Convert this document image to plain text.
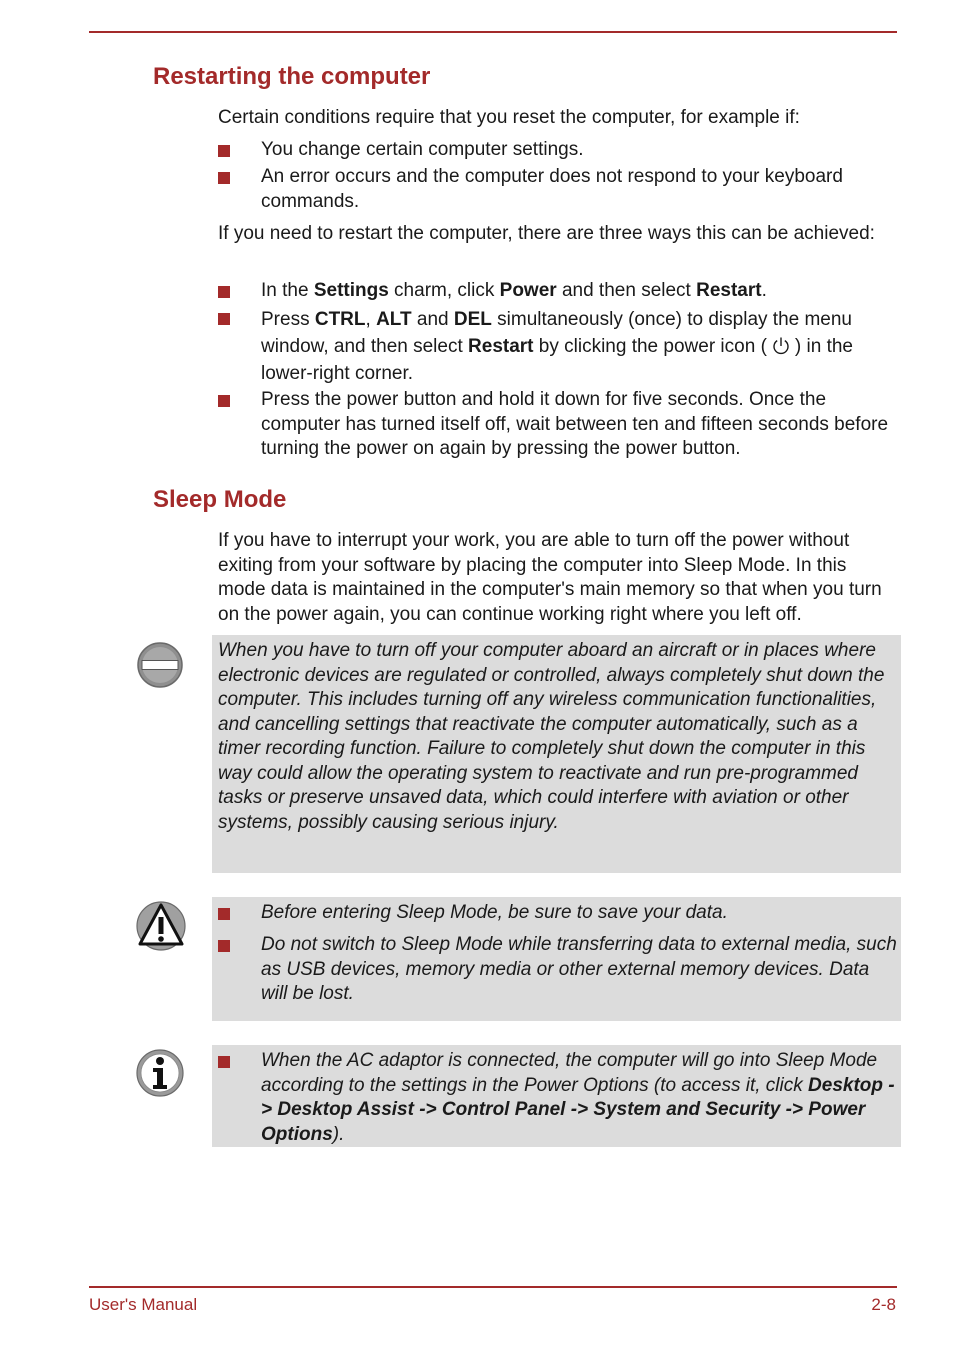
Restarting the computer

Certain conditions require that you reset the computer, for example if:

You change certain computer settings.
An error occurs and the computer does not respond to your keyboard commands.

If you need to restart the computer, there are three ways this can be achieved:

In the Settings charm, click Power and then select Restart.
Press CTRL, ALT and DEL simultaneously (once) to display the menu window, and then select Restart by clicking the power icon ( ) in the lower-right corner.
Press the power button and hold it down for five seconds. Once the computer has turned itself off, wait between ten and fifteen seconds before turning the power on again by pressing the power button.
Sleep Mode

If you have to interrupt your work, you are able to turn off the power without exiting from your software by placing the computer into Sleep Mode. In this mode data is maintained in the computer's main memory so that when you turn on the power again, you can continue working right where you left off.

When you have to turn off your computer aboard an aircraft or in places where electronic devices are regulated or controlled, always completely shut down the computer. This includes turning off any wireless communication functionalities, and cancelling settings that reactivate the computer automatically, such as a timer recording function. Failure to completely shut down the computer in this way could allow the operating system to reactivate and run pre-programmed tasks or preserve unsaved data, which could interfere with aviation or other systems, possibly causing serious injury.

Before entering Sleep Mode, be sure to save your data.
Do not switch to Sleep Mode while transferring data to external media, such as USB devices, memory media or other external memory devices. Data will be lost.
When the AC adaptor is connected, the computer will go into Sleep Mode according to the settings in the Power Options (to access it, click Desktop -> Desktop Assist -> Control Panel -> System and Security -> Power Options).
User's Manual	2-8
